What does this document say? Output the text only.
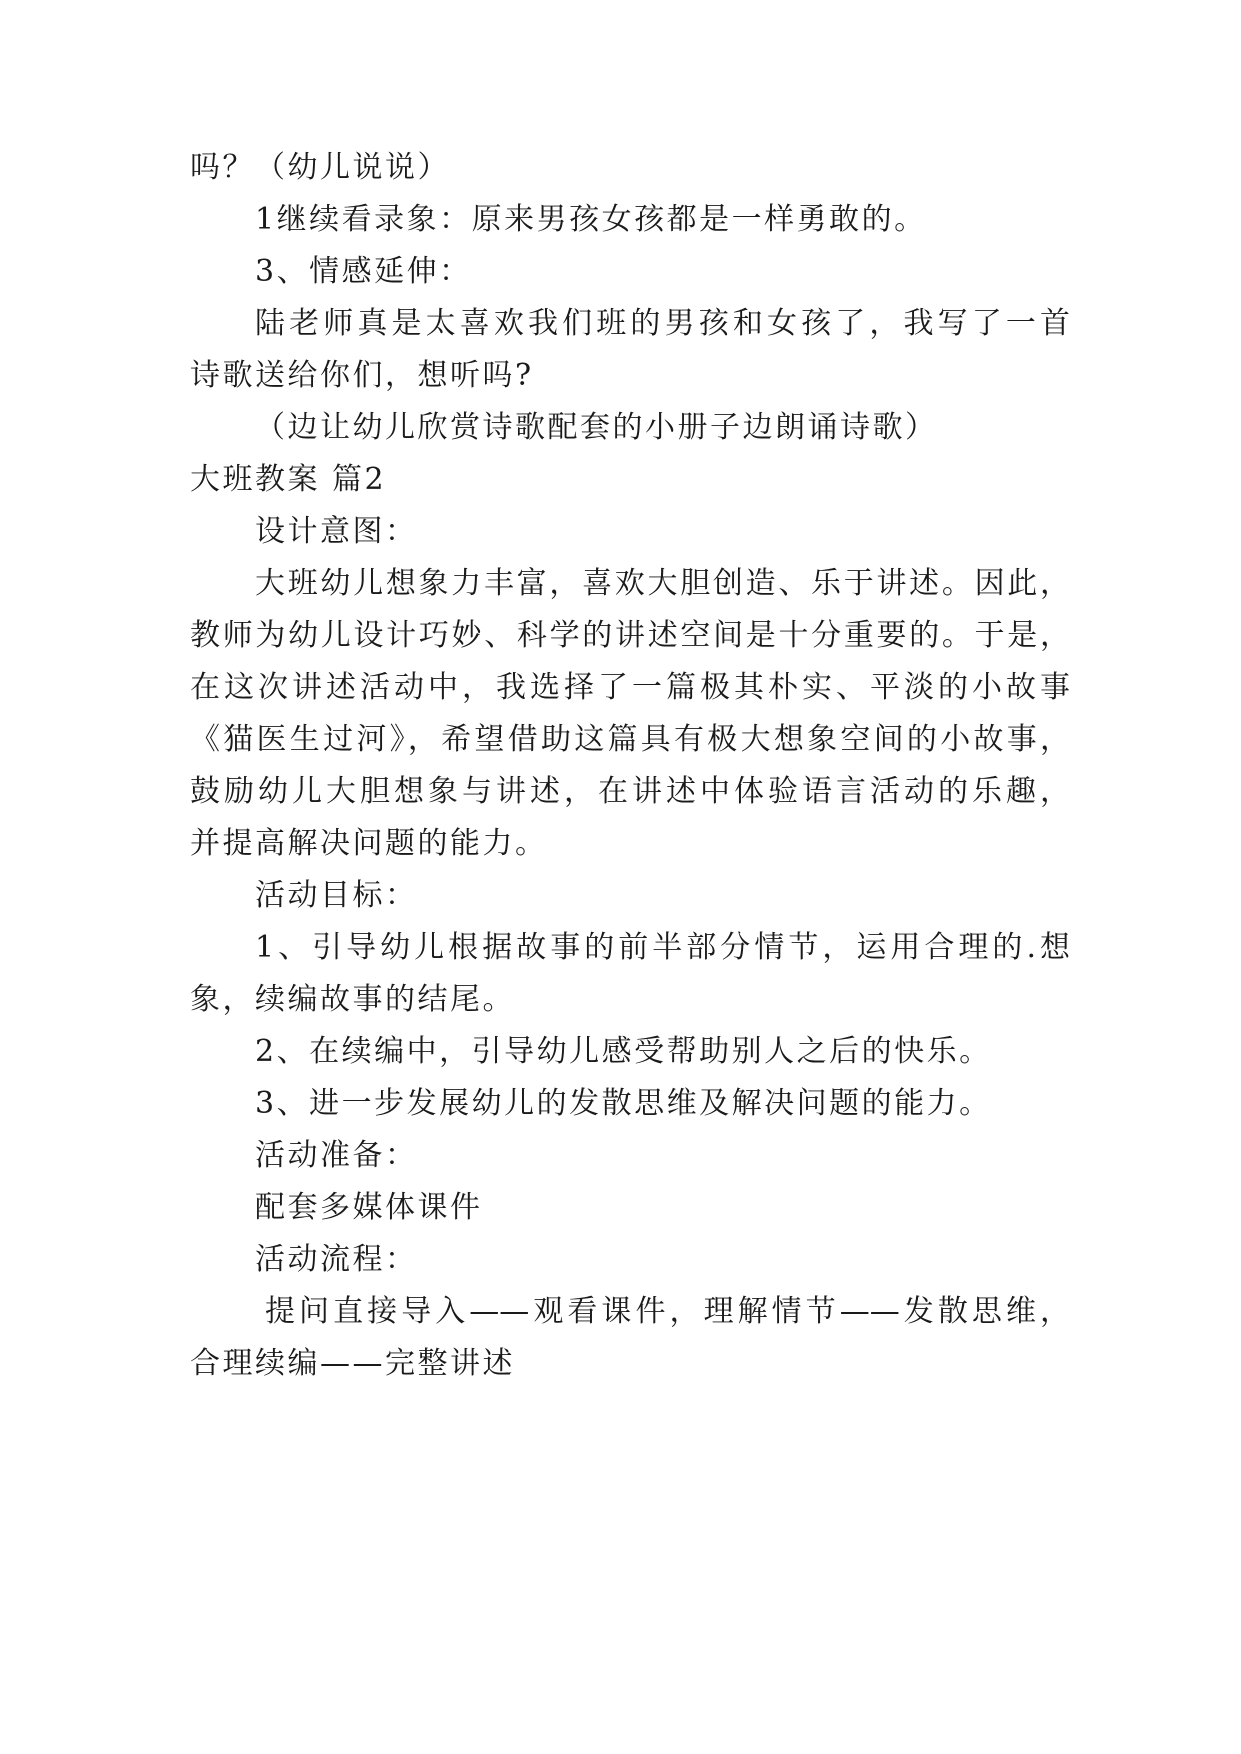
吗？（幼儿说说）
1继续看录象：原来男孩女孩都是一样勇敢的。
3、情感延伸：
陆老师真是太喜欢我们班的男孩和女孩了，我写了一首
诗歌送给你们，想听吗?
（边让幼儿欣赏诗歌配套的小册子边朗诵诗歌）
大班教案 篇2
设计意图：
大班幼儿想象力丰富，喜欢大胆创造、乐于讲述。因此，
教师为幼儿设计巧妙、科学的讲述空间是十分重要的。于是，
在这次讲述活动中，我选择了一篇极其朴实、平淡的小故事
《猫医生过河》，希望借助这篇具有极大想象空间的小故事，
鼓励幼儿大胆想象与讲述，在讲述中体验语言活动的乐趣，
并提高解决问题的能力。
活动目标：
1、引导幼儿根据故事的前半部分情节，运用合理的.想
象，续编故事的结尾。
2、在续编中，引导幼儿感受帮助别人之后的快乐。
3、进一步发展幼儿的发散思维及解决问题的能力。
活动准备：
配套多媒体课件
活动流程：
提问直接导入——观看课件，理解情节——发散思维，
合理续编——完整讲述
